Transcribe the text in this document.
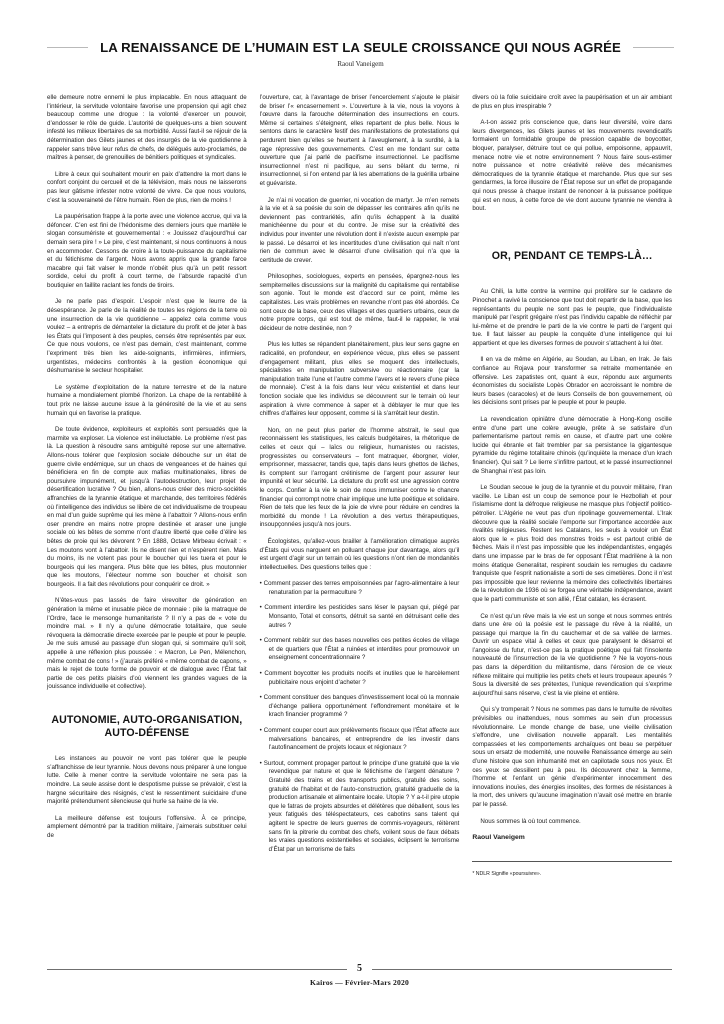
LA RENAISSANCE DE L’HUMAIN EST LA SEULE CROISSANCE QUI NOUS AGRÉE
Raoul Vaneigem

elle demeure notre ennemi le plus implacable. En nous attaquant de l’intérieur, la servitude volontaire favorise une propension qui agit chez beaucoup comme une drogue : la volonté d’exercer un pouvoir, d’endosser le rôle de guide. L’autorité de quelques-uns a bien souvent infesté les milieux libertaires de sa morbidité. Aussi faut-il se réjouir de la détermination des Gilets jaunes et des insurgés de la vie quotidienne à rappeler sans trêve leur refus de chefs, de délégués auto-proclamés, de maîtres à penser, de grenouilles de bénitiers politiques et syndicales.

Libre à ceux qui souhaitent mourir en paix d’attendre la mort dans le confort conjoint du cercueil et de la télévision, mais nous ne laisserons pas leur gâtisme infester notre volonté de vivre. Ce que nous voulons, c’est la souveraineté de l’être humain. Rien de plus, rien de moins !

La paupérisation frappe à la porte avec une violence accrue, qui va la défoncer. C’en est fini de l’hédonisme des derniers jours que martèle le slogan consumériste et gouvernemental : « Jouissez d’aujourd’hui car demain sera pire ! » Le pire, c’est maintenant, si nous continuons à nous en accommoder. Cessons de croire à la toute-puissance du capitalisme et du fétichisme de l’argent. Nous avons appris que la grande farce macabre qui fait valser le monde n’obéit plus qu’à un petit ressort sordide, celui du profit à court terme, de l’absurde rapacité d’un boutiquier en faillite raclant les fonds de tiroirs.

Je ne parle pas d’espoir. L’espoir n’est que le leurre de la désespérance. Je parle de la réalité de toutes les régions de la terre où une insurrection de la vie quotidienne – appelez cela comme vous voulez – a entrepris de démanteler la dictature du profit et de jeter à bas les États qui l’imposent à des peuples, censés être représentés par eux. Ce que nous voulons, ce n’est pas demain, c’est maintenant, comme l’expriment très bien les aide-soignants, infirmières, infirmiers, urgentistes, médecins confrontés à la gestion économique qui déshumanise le secteur hospitalier.

Le système d’exploitation de la nature terrestre et de la nature humaine a mondialement plombé l’horizon. La chape de la rentabilité à tout prix ne laisse aucune issue à la générosité de la vie et au sens humain qui en favorise la pratique.

De toute évidence, exploiteurs et exploités sont persuadés que la marmite va exploser. La violence est inéluctable. Le problème n’est pas là. La question à résoudre sans ambiguïté repose sur une alternative. Allons-nous tolérer que l’explosion sociale débouche sur un état de guerre civile endémique, sur un chaos de vengeances et de haines qui bénéficiera en fin de compte aux mafias multinationales, libres de poursuivre impunément, et jusqu’à l’autodestruction, leur projet de désertification lucrative ? Ou bien, allons-nous créer des micro-sociétés affranchies de la tyrannie étatique et marchande, des territoires fédérés où l’intelligence des individus se libère de cet individualisme de troupeau en mal d’un guide suprême qui les mène à l’abattoir ? Allons-nous enfin oser prendre en mains notre propre destinée et araser une jungle sociale où les bêtes de somme n’ont d’autre liberté que celle d’élire les bêtes de proie qui les dévorent ? En 1888, Octave Mirbeau écrivait : « Les moutons vont à l’abattoir. Ils ne disent rien et n’espèrent rien. Mais du moins, ils ne votent pas pour le boucher qui les tuera et pour le bourgeois qui les mangera. Plus bête que les bêtes, plus moutonnier que les moutons, l’électeur nomme son boucher et choisit son bourgeois. Il a fait des révolutions pour conquérir ce droit. »

N’êtes-vous pas lassés de faire virevolter de génération en génération la même et inusable pièce de monnaie : pile la matraque de l’Ordre, face le mensonge humanitariste ? Il n’y a pas de « vote du moindre mal. » Il n’y a qu’une démocratie totalitaire, que seule révoquera la démocratie directe exercée par le peuple et pour le peuple. Je me suis amusé au passage d’un slogan qui, si sommaire qu’il soit, appelle à une réflexion plus poussée : « Macron, Le Pen, Mélenchon, même combat de cons ! » (j’aurais préféré « même combat de capons, » mais le rejet de toute forme de pouvoir et de dialogue avec l’État fait partie de ces petits plaisirs d’où viennent les grandes vagues de la jouissance individuelle et collective).

AUTONOMIE, AUTO-ORGANISATION, AUTO-DÉFENSE

Les instances au pouvoir ne vont pas tolérer que le peuple s’affranchisse de leur tyrannie. Nous devons nous préparer à une longue lutte. Celle à mener contre la servitude volontaire ne sera pas la moindre. La seule assise dont le despotisme puisse se prévaloir, c’est la hargne sécuritaire des résignés, c’est le ressentiment suicidaire d’une majorité prétendument silencieuse qui hurle sa haine de la vie.

La meilleure défense est toujours l’offensive. À ce principe, amplement démontré par la tradition militaire, j’aimerais substituer celui de

l’ouverture, car, à l’avantage de briser l’encerclement s’ajoute le plaisir de briser l’« encasernement ». L’ouverture à la vie, nous la voyons à l’œuvre dans la farouche détermination des insurrections en cours. Même si certaines s’éteignent, elles repartent de plus belle. Nous le sentons dans le caractère festif des manifestations de protestations qui perdurent bien qu’elles se heurtent à l’aveuglement, à la surdité, à la rage répressive des gouvernements. C’est en me fondant sur cette ouverture que j’ai parlé de pacifisme insurrectionnel. Le pacifisme insurrectionnel n’est ni pacifique, au sens bêlant du terme, ni insurrectionnel, si l’on entend par là les aberrations de la guérilla urbaine et guévariste.

Je n’ai ni vocation de guerrier, ni vocation de martyr. Je m’en remets à la vie et à sa poésie du soin de dépasser les contraires afin qu’ils ne deviennent pas contrariétés, afin qu’ils échappent à la dualité manichéenne du pour et du contre. Je mise sur la créativité des individus pour inventer une révolution dont il n’existe aucun exemple par le passé. Le désarroi et les incertitudes d’une civilisation qui naît n’ont rien de commun avec le désarroi d’une civilisation qui n’a que la certitude de crever.

Philosophes, sociologues, experts en pensées, épargnez-nous les sempiternelles discussions sur la malignité du capitalisme qui rentabilise son agonie. Tout le monde est d’accord sur ce point, même les capitalistes. Les vrais problèmes en revanche n’ont pas été abordés. Ce sont ceux de la base, ceux des villages et des quartiers urbains, ceux de notre propre corps, qui est tout de même, faut-il le rappeler, le vrai décideur de notre destinée, non ?

Plus les luttes se répandent planétairement, plus leur sens gagne en radicalité, en profondeur, en expérience vécue, plus elles se passent d’engagement militant, plus elles se moquent des intellectuels, spécialistes en manipulation subversive ou réactionnaire (car la manipulation traite l’une et l’autre comme l’avers et le revers d’une pièce de monnaie). C’est à la fois dans leur vécu existentiel et dans leur fonction sociale que les individus se découvrent sur le terrain où leur aspiration à vivre commence à saper et à déblayer le mur que les chiffres d’affaires leur opposent, comme si là s’arrêtait leur destin.

Non, on ne peut plus parler de l’homme abstrait, le seul que reconnaissent les statistiques, les calculs budgétaires, la rhétorique de celles et ceux qui – laïcs ou religieux, humanistes ou racistes, progressistes ou conservateurs – font matraquer, éborgner, violer, emprisonner, massacrer, tandis que, tapis dans leurs ghettos de lâches, ils comptent sur l’arrogant crétinisme de l’argent pour assurer leur impunité et leur sécurité. La dictature du profit est une agression contre le corps. Confier à la vie le soin de nous immuniser contre le chancre financier qui corrompt notre chair implique une lutte poétique et solidaire. Rien de tels que les feux de la joie de vivre pour réduire en cendres la morbidité du monde ! La révolution a des vertus thérapeutiques, insoupçonnées jusqu’à nos jours.

Écologistes, qu’allez-vous brailler à l’amélioration climatique auprès d’États qui vous narguent en polluant chaque jour davantage, alors qu’il est urgent d’agir sur un terrain où les questions n’ont rien de mondanités intellectuelles. Des questions telles que :

• Comment passer des terres empoisonnées par l’agro-alimentaire à leur renaturation par la permaculture ?
• Comment interdire les pesticides sans léser le paysan qui, piégé par Monsanto, Total et consorts, détruit sa santé en détruisant celle des autres ?
• Comment rebâtir sur des bases nouvelles ces petites écoles de village et de quartiers que l’État a ruinées et interdites pour promouvoir un enseignement concentrationnaire ?
• Comment boycotter les produits nocifs et inutiles que le harcèlement publicitaire nous enjoint d’acheter ?
• Comment constituer des banques d’investissement local où la monnaie d’échange palliera opportunément l’effondrement monétaire et le krach financier programmé ?
• Comment couper court aux prélèvements fiscaux que l’État affecte aux malversations bancaires, et entreprendre de les investir dans l’autofinancement de projets locaux et régionaux ?
• Surtout, comment propager partout le principe d’une gratuité que la vie revendique par nature et que le fétichisme de l’argent dénature ? Gratuité des trains et des transports publics, gratuité des soins, gratuité de l’habitat et de l’auto-construction, gratuité graduelle de la production artisanale et alimentaire locale. Utopie ? Y a-t-il pire utopie que le fatras de projets absurdes et délétères que déballent, sous les yeux fatigués des téléspectateurs, ces cabotins sans talent qui agitent le spectre de leurs guerres de commis-voyageurs, réitèrent sans fin la pitrerie du combat des chefs, voilent sous de faux débats les vraies questions existentielles et sociales, éclipsent le terrorisme d’État par un terrorisme de faits

divers où la folie suicidaire croît avec la paupérisation et un air ambiant de plus en plus irrespirable ?

A-t-on assez pris conscience que, dans leur diversité, voire dans leurs divergences, les Gilets jaunes et les mouvements revendicatifs formaient un formidable groupe de pression capable de boycotter, bloquer, paralyser, détruire tout ce qui pollue, empoisonne, appauvrit, menace notre vie et notre environnement ? Nous faire sous-estimer notre puissance et notre créativité relève des mécanismes démocratiques de la tyrannie étatique et marchande. Plus que sur ses gendarmes, la force illusoire de l’État repose sur un effet de propagande qui nous presse à chaque instant de renoncer à la puissance poétique qui est en nous, à cette force de vie dont aucune tyrannie ne viendra à bout.

OR, PENDANT CE TEMPS-LÀ…

Au Chili, la lutte contre la vermine qui prolifère sur le cadavre de Pinochet a ravivé la conscience que tout doit repartir de la base, que les représentants du peuple ne sont pas le peuple, que l’individualiste manipulé par l’esprit grégaire n’est pas l’individu capable de réfléchir par lui-même et de prendre le parti de la vie contre le parti de l’argent qui tue. Il faut laisser au peuple la conquête d’une intelligence qui lui appartient et que les diverses formes de pouvoir s’attachent à lui ôter.

Il en va de même en Algérie, au Soudan, au Liban, en Irak. Je fais confiance au Rojava pour transformer sa retraite momentanée en offensive. Les zapatistes ont, quant à eux, répondu aux arguments économistes du socialiste Lopès Obrador en accroissant le nombre de leurs bases (caracoles) et de leurs Conseils de bon gouvernement, où les décisions sont prises par le peuple et pour le peuple.

La revendication opiniâtre d’une démocratie à Hong-Kong oscille entre d’une part une colère aveugle, prête à se satisfaire d’un parlementarisme partout remis en cause, et d’autre part une colère lucide qui ébranle et fait trembler par sa persistance la gigantesque pyramide du régime totalitaire chinois (qu’inquiète la menace d’un krach financier). Qui sait ? Le lierre s’infiltre partout, et le passé insurrectionnel de Shanghai n’est pas loin.

Le Soudan secoue le joug de la tyrannie et du pouvoir militaire, l’Iran vacille. Le Liban est un coup de semonce pour le Hezbollah et pour l’islamisme dont la défroque religieuse ne masque plus l’objectif politico-pétrolier. L’Algérie ne veut pas d’un ripolinage gouvernemental. L’Irak découvre que la réalité sociale l’emporte sur l’importance accordée aux rivalités religieuses. Restent les Catalans, les seuls à vouloir un État alors que le « plus froid des monstres froids » est partout criblé de flèches. Mais il n’est pas impossible que les indépendantistes, engagés dans une impasse par le bras de fer opposant l’État madrilène à la non moins étatique Generalitat, respirent soudain les remugles du cadavre franquiste que l’esprit nationaliste a sorti de ses cimetières. Donc il n’est pas impossible que leur revienne la mémoire des collectivités libertaires de la révolution de 1936 où se forgea une véritable indépendance, avant que le parti communiste et son allié, l’État catalan, les écrasent.

Ce n’est qu’un rêve mais la vie est un songe et nous sommes entrés dans une ère où la poésie est le passage du rêve à la réalité, un passage qui marque la fin du cauchemar et de sa vallée de larmes. Ouvrir un espace vital à celles et ceux que paralysent le désarroi et l’angoisse du futur, n’est-ce pas la pratique poétique qui fait l’insolente nouveauté de l’insurrection de la vie quotidienne ? Ne la voyons-nous pas dans la déperdition du militantisme, dans l’érosion de ce vieux réflexe militaire qui multiplie les petits chefs et leurs troupeaux apeurés ? Sous la diversité de ses prétextes, l’unique revendication qui s’exprime aujourd’hui sans réserve, c’est la vie pleine et entière.

Qui s’y tromperait ? Nous ne sommes pas dans le tumulte de révoltes prévisibles ou inattendues, nous sommes au sein d’un processus révolutionnaire. Le monde change de base, une vieille civilisation s’effondre, une civilisation nouvelle apparaît. Les mentalités compassées et les comportements archaïques ont beau se perpétuer sous un ersatz de modernité, une nouvelle Renaissance émerge au sein d’une histoire que son inhumanité met en capilotade sous nos yeux. Et ces yeux se dessillent peu à peu. Ils découvrent chez la femme, l’homme et l’enfant un génie d’expérimenter innocemment des innovations inouïes, des énergies insolites, des formes de résistances à la mort, des univers qu’aucune imagination n’avait osé mettre en branle par le passé.

Nous sommes là où tout commence.

Raoul Vaneigem
* NDLR Signifie «poursuivre».
5
Kairos — Février-Mars 2020
